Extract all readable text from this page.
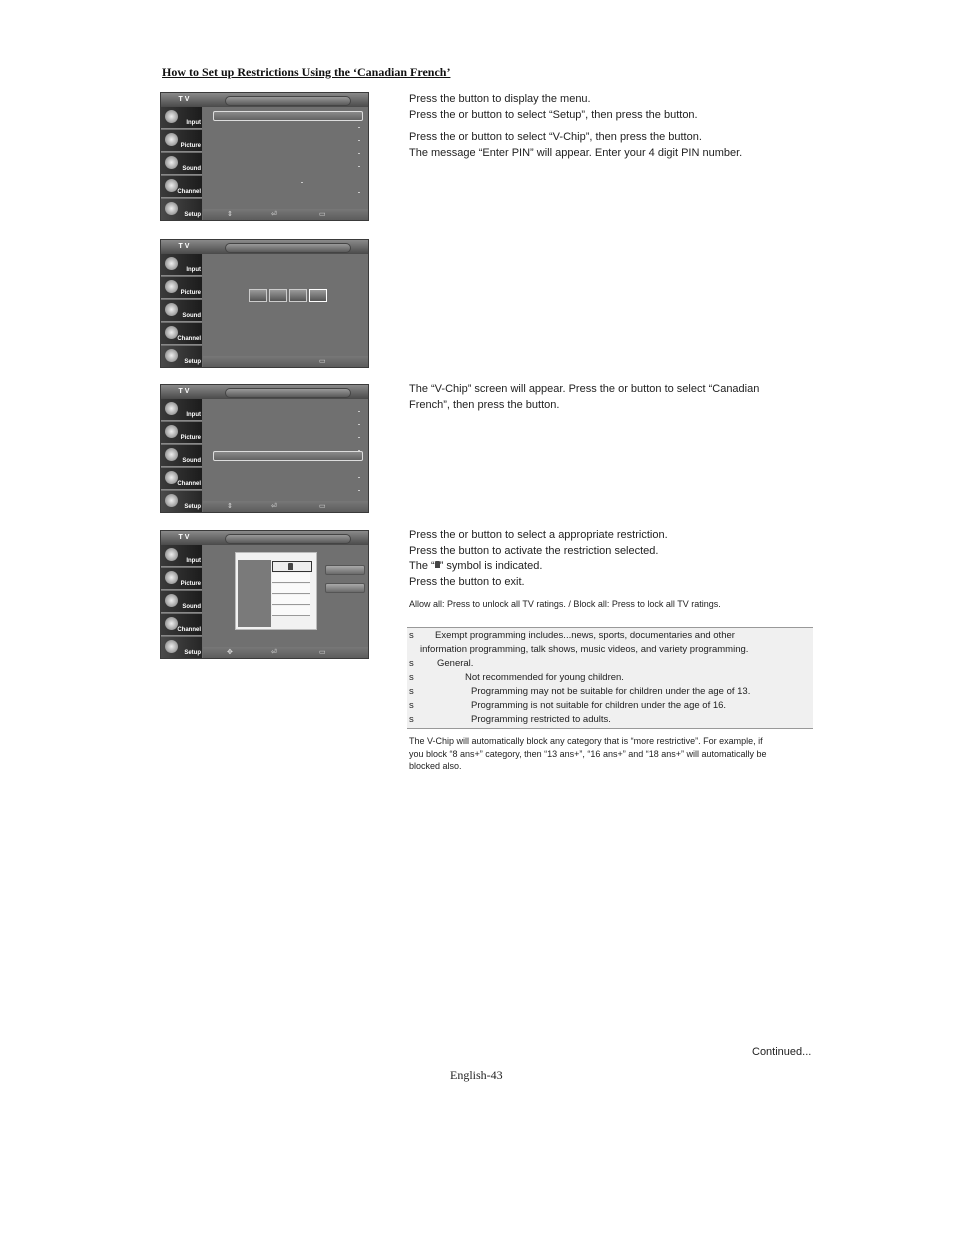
How to Set up Restrictions Using the ‘Canadian French’
T V
Input
Picture
Sound
Channel
Setup	⇕	⏎	▭
T V
Input
Picture
Sound
Channel
Setup	▭
T V
Input
Picture
Sound
Channel
Setup	⇕	⏎	▭
T V
Input
Picture
Sound
Channel
Setup	✥	⏎	▭
Press the button to display the menu.
Press the or button to select “Setup”, then press the button.
Press the or button to select “V-Chip”, then press the button.
The message “Enter PIN” will appear. Enter your 4 digit PIN number.
The “V-Chip” screen will appear. Press the or button to select “Canadian
French”, then press the button.
Press the or button to select a appropriate restriction.
Press the button to activate the restriction selected.
The “ ” symbol is indicated.
Press the button to exit.
Allow all: Press to unlock all TV ratings. / Block all: Press to lock all TV ratings.
s Exempt programming includes...news, sports, documentaries and other
information programming, talk shows, music videos, and variety programming.
s General.
s	Not recommended for young children.
s	Programming may not be suitable for children under the age of 13.
s	Programming is not suitable for children under the age of 16.
s	Programming restricted to adults.
The V-Chip will automatically block any category that is “more restrictive”. For example, if
you block “8 ans+” category, then “13 ans+”, “16 ans+” and “18 ans+” will automatically be
blocked also.
Continued...
English-43
